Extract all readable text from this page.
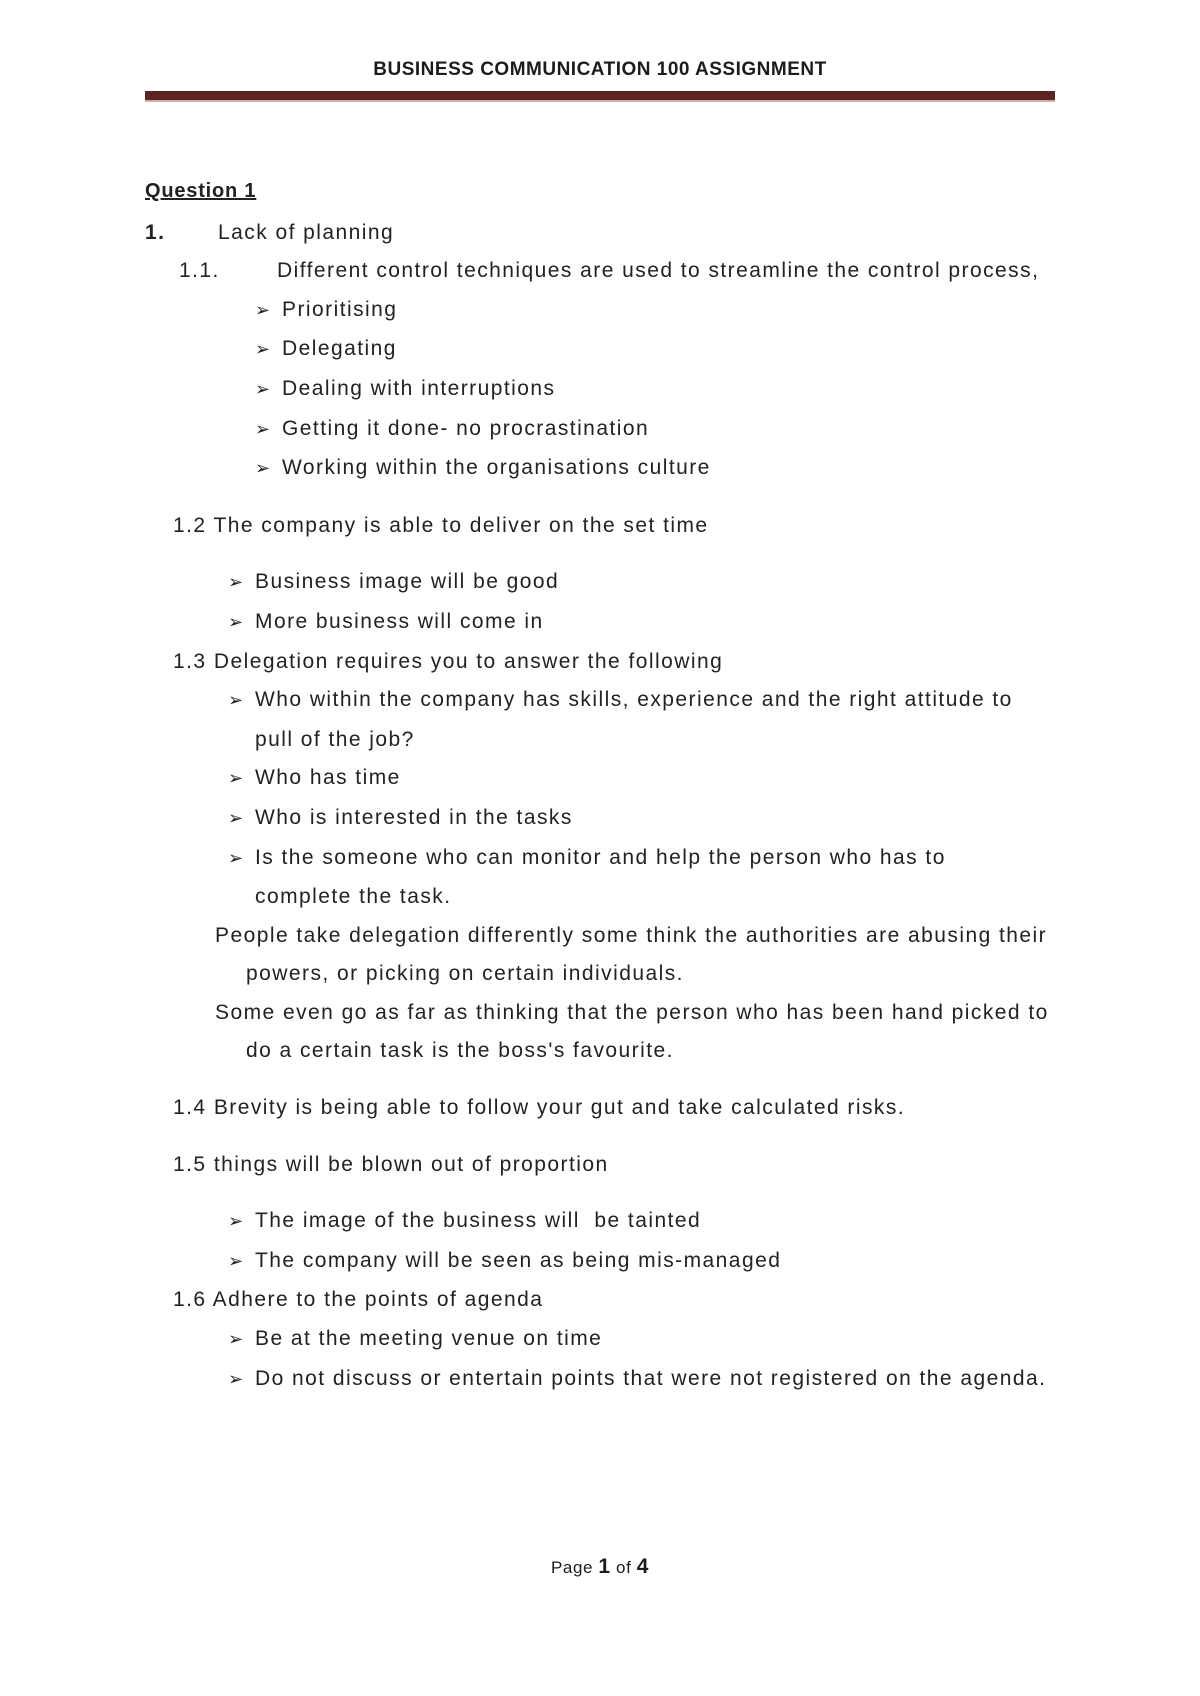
BUSINESS COMMUNICATION 100 ASSIGNMENT
Question 1
1.	Lack of planning
1.1.	Different control techniques are used to streamline the control process,
➢ Prioritising
➢ Delegating
➢ Dealing with interruptions
➢ Getting it done- no procrastination
➢ Working within the organisations culture
1.2 The company is able to deliver on the set time
➢ Business image will be good
➢ More business will come in
1.3 Delegation requires you to answer the following
➢ Who within the company has skills, experience and the right attitude to pull of the job?
➢ Who has time
➢ Who is interested in the tasks
➢ Is the someone who can monitor and help the person who has to complete the task.
People take delegation differently some think the authorities are abusing their powers, or picking on certain individuals.
Some even go as far as thinking that the person who has been hand picked to do a certain task is the boss's favourite.
1.4 Brevity is being able to follow your gut and take calculated risks.
1.5 things will be blown out of proportion
➢ The image of the business will  be tainted
➢ The company will be seen as being mis-managed
1.6 Adhere to the points of agenda
➢ Be at the meeting venue on time
➢ Do not discuss or entertain points that were not registered on the agenda.
Page 1 of 4
